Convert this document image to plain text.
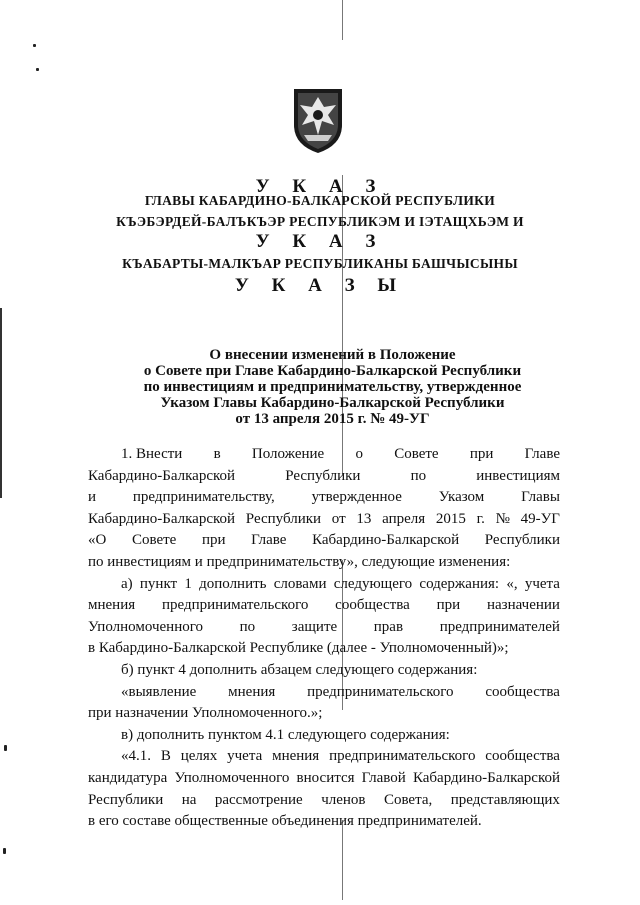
У К А З
ГЛАВЫ КАБАРДИНО-БАЛКАРСКОЙ РЕСПУБЛИКИ
КЪЭБЭРДЕЙ-БАЛЪКЪЭР РЕСПУБЛИКЭМ И ІЭТАЩХЬЭМ И
У К А З
КЪАБАРТЫ-МАЛКЪАР РЕСПУБЛИКАНЫ БАШЧЫСЫНЫ
У К А З Ы
О внесении изменений в Положение
о Совете при Главе Кабардино-Балкарской Республики
по инвестициям и предпринимательству, утвержденное
Указом Главы Кабардино-Балкарской Республики
от 13 апреля 2015 г. № 49-УГ
1. Внести в Положение о Совете при Главе
Кабардино-Балкарской	Республики	по	инвестициям
и предпринимательству, утвержденное Указом Главы
Кабардино-Балкарской Республики от 13 апреля 2015 г. № 49-УГ
«О Совете при Главе Кабардино-Балкарской Республики
по инвестициям и предпринимательству», следующие изменения:
а) пункт 1 дополнить словами следующего содержания: «, учета
мнения предпринимательского сообщества при назначении
Уполномоченного по защите прав предпринимателей
в Кабардино-Балкарской Республике (далее - Уполномоченный)»;
б) пункт 4 дополнить абзацем следующего содержания:
«выявление мнения предпринимательского сообщества
при назначении Уполномоченного.»;
в) дополнить пунктом 4.1 следующего содержания:
«4.1. В целях учета мнения предпринимательского сообщества
кандидатура Уполномоченного вносится Главой Кабардино-Балкарской
Республики на рассмотрение членов Совета, представляющих
в его составе общественные объединения предпринимателей.
